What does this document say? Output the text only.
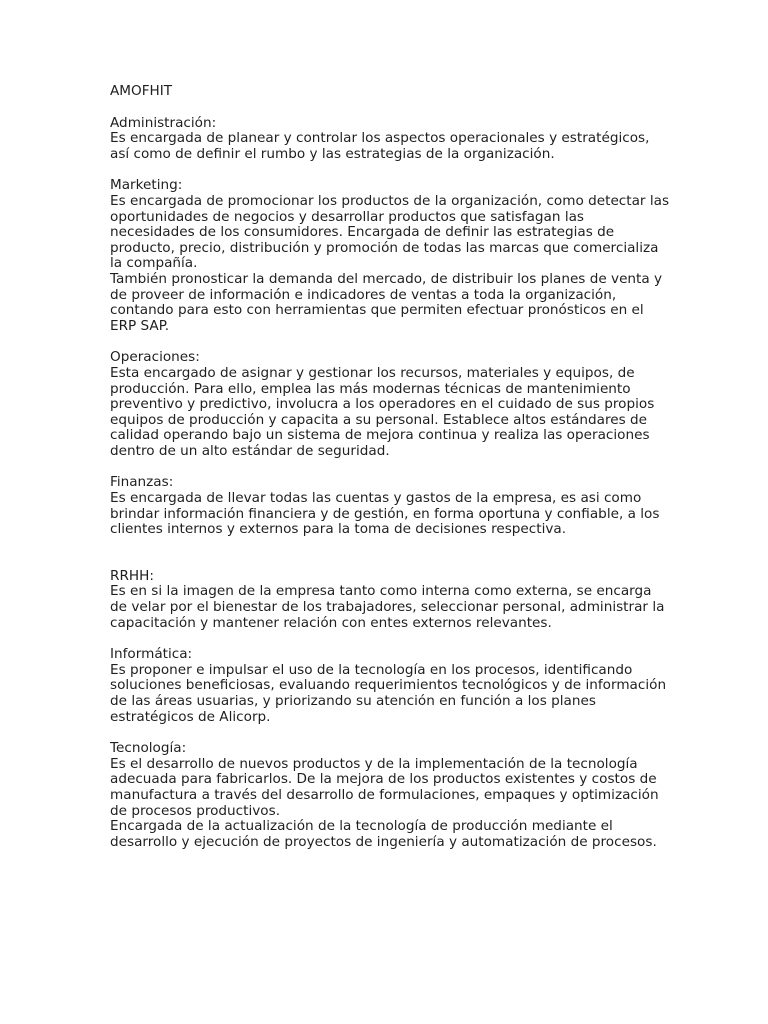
AMOFHIT

Administración:

Es encargada de planear y controlar los aspectos operacionales y estratégicos, así como de definir el rumbo y las estrategias de la organización.

Marketing:

Es encargada de promocionar los productos de la organización, como detectar las oportunidades de negocios y desarrollar productos que satisfagan las necesidades de los consumidores. Encargada de definir las estrategias de producto, precio, distribución y promoción de todas las marcas que comercializa la compañía.

También pronosticar la demanda del mercado, de distribuir los planes de venta y de proveer de información e indicadores de ventas a toda la organización, contando para esto con herramientas que permiten efectuar pronósticos en el ERP SAP.

Operaciones:

Esta encargado de asignar y gestionar los recursos, materiales y equipos, de producción. Para ello, emplea las más modernas técnicas de mantenimiento preventivo y predictivo, involucra a los operadores en el cuidado de sus propios equipos de producción y capacita a su personal. Establece altos estándares de calidad operando bajo un sistema de mejora continua y realiza las operaciones dentro de un alto estándar de seguridad.

Finanzas:

Es encargada de llevar todas las cuentas y gastos de la empresa, es asi como brindar información financiera y de gestión, en forma oportuna y confiable, a los clientes internos y externos para la toma de decisiones respectiva.

RRHH:

Es en si la imagen de la empresa tanto como interna como externa, se encarga de velar por el bienestar de los trabajadores, seleccionar personal, administrar la capacitación y mantener relación con entes externos relevantes.

Informática:

Es proponer e impulsar el uso de la tecnología en los procesos, identificando soluciones beneficiosas, evaluando requerimientos tecnológicos y de información de las áreas usuarias, y priorizando su atención en función a los planes estratégicos de Alicorp.

Tecnología:

Es el desarrollo de nuevos productos y de la implementación de la tecnología adecuada para fabricarlos. De la mejora de los productos existentes y costos de manufactura a través del desarrollo de formulaciones, empaques y optimización de procesos productivos.

Encargada de la actualización de la tecnología de producción mediante el desarrollo y ejecución de proyectos de ingeniería y automatización de procesos.
